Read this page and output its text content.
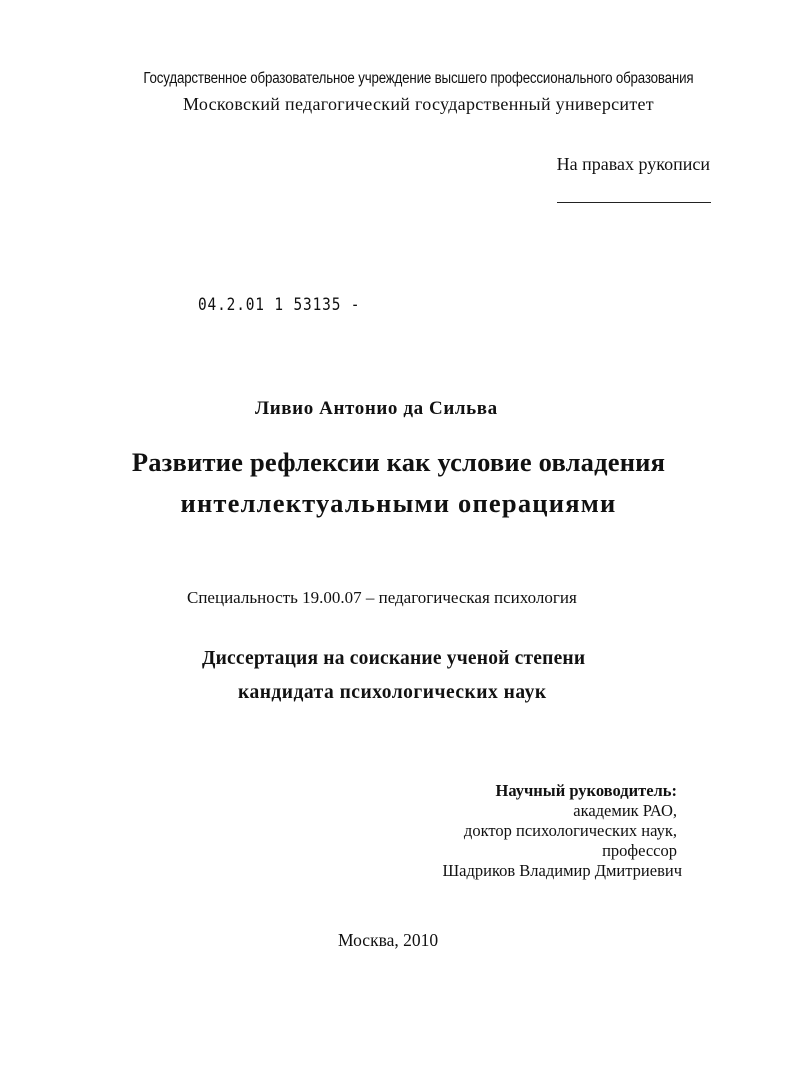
Государственное образовательное учреждение высшего профессионального образования
Московский педагогический государственный университет
На правах рукописи
04.2.01 1 53135 -
Ливио Антонио да Сильва
Развитие рефлексии как условие овладения
интеллектуальными операциями
Специальность 19.00.07 – педагогическая психология
Диссертация на соискание ученой степени
кандидата психологических наук
Научный руководитель:
академик РАО,
доктор психологических наук,
профессор
Шадриков Владимир Дмитриевич
Москва, 2010
